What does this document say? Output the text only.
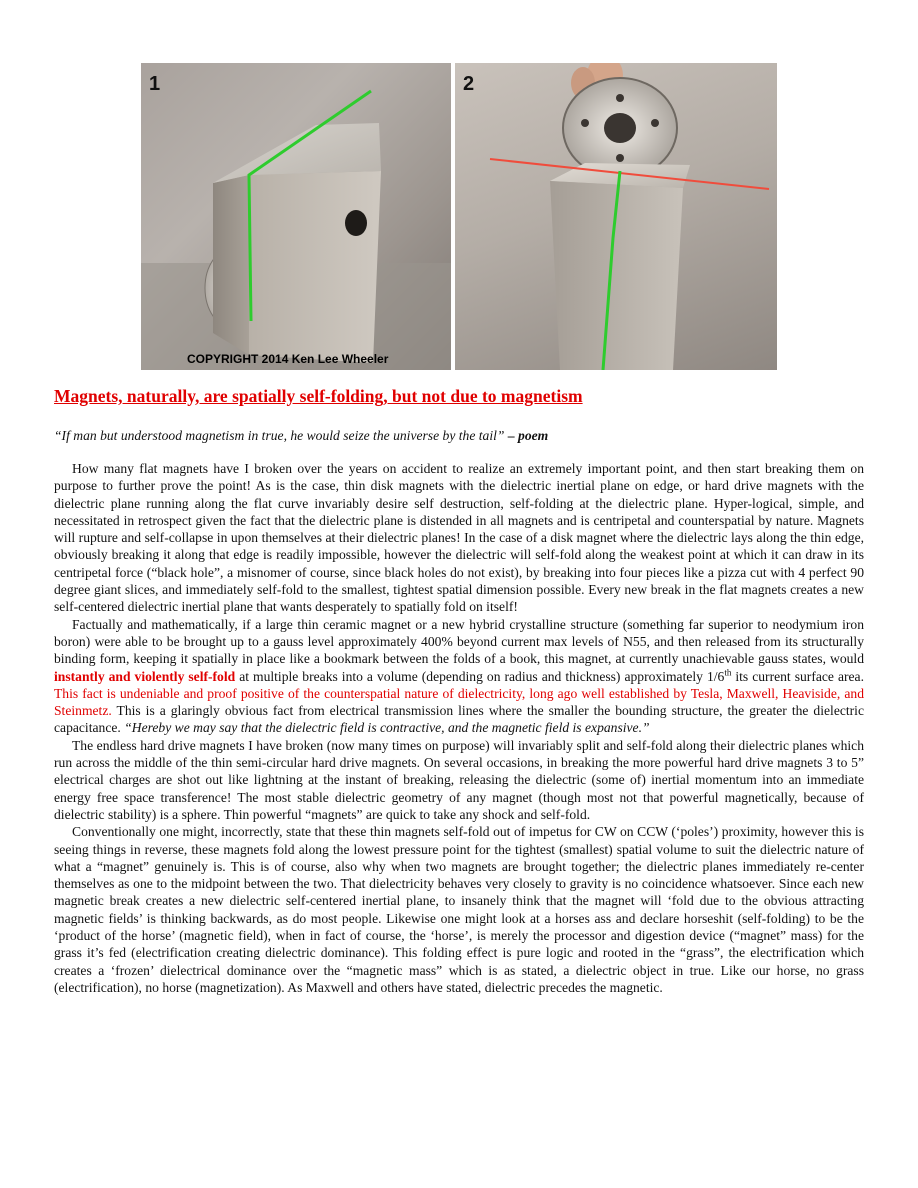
1
COPYRIGHT 2014 Ken Lee Wheeler
2
Magnets, naturally, are spatially self-folding, but not due to magnetism
“If man but understood magnetism in true, he would seize the universe by the tail” – poem

How many flat magnets have I broken over the years on accident to realize an extremely important point, and then start breaking them on purpose to further prove the point! As is the case, thin disk magnets with the dielectric inertial plane on edge, or hard drive magnets with the dielectric plane running along the flat curve invariably desire self destruction, self-folding at the dielectric plane. Hyper-logical, simple, and necessitated in retrospect given the fact that the dielectric plane is distended in all magnets and is centripetal and counterspatial by nature. Magnets will rupture and self-collapse in upon themselves at their dielectric planes! In the case of a disk magnet where the dielectric lays along the thin edge, obviously breaking it along that edge is readily impossible, however the dielectric will self-fold along the weakest point at which it can draw in its centripetal force (“black hole”, a misnomer of course, since black holes do not exist), by breaking into four pieces like a pizza cut with 4 perfect 90 degree giant slices, and immediately self-fold to the smallest, tightest spatial dimension possible. Every new break in the flat magnets creates a new self-centered dielectric inertial plane that wants desperately to spatially fold on itself!

Factually and mathematically, if a large thin ceramic magnet or a new hybrid crystalline structure (something far superior to neodymium iron boron) were able to be brought up to a gauss level approximately 400% beyond current max levels of N55, and then released from its structurally binding form, keeping it spatially in place like a bookmark between the folds of a book, this magnet, at currently unachievable gauss states, would instantly and violently self-fold at multiple breaks into a volume (depending on radius and thickness) approximately 1/6th its current surface area. This fact is undeniable and proof positive of the counterspatial nature of dielectricity, long ago well established by Tesla, Maxwell, Heaviside, and Steinmetz. This is a glaringly obvious fact from electrical transmission lines where the smaller the bounding structure, the greater the dielectric capacitance. “Hereby we may say that the dielectric field is contractive, and the magnetic field is expansive.”

The endless hard drive magnets I have broken (now many times on purpose) will invariably split and self-fold along their dielectric planes which run across the middle of the thin semi-circular hard drive magnets. On several occasions, in breaking the more powerful hard drive magnets 3 to 5” electrical charges are shot out like lightning at the instant of breaking, releasing the dielectric (some of) inertial momentum into an immediate energy free space transference! The most stable dielectric geometry of any magnet (though most not that powerful magnetically, because of dielectric stability) is a sphere. Thin powerful “magnets” are quick to take any shock and self-fold.

Conventionally one might, incorrectly, state that these thin magnets self-fold out of impetus for CW on CCW (‘poles’) proximity, however this is seeing things in reverse, these magnets fold along the lowest pressure point for the tightest (smallest) spatial volume to suit the dielectric nature of what a “magnet” genuinely is. This is of course, also why when two magnets are brought together; the dielectric planes immediately re-center themselves as one to the midpoint between the two. That dielectricity behaves very closely to gravity is no coincidence whatsoever. Since each new magnetic break creates a new dielectric self-centered inertial plane, to insanely think that the magnet will ‘fold due to the obvious attracting magnetic fields’ is thinking backwards, as do most people. Likewise one might look at a horses ass and declare horseshit (self-folding) to be the ‘product of the horse’ (magnetic field), when in fact of course, the ‘horse’, is merely the processor and digestion device (“magnet” mass) for the grass it’s fed (electrification creating dielectric dominance). This folding effect is pure logic and rooted in the “grass”, the electrification which creates a ‘frozen’ dielectrical dominance over the “magnetic mass” which is as stated, a dielectric object in true. Like our horse, no grass (electrification), no horse (magnetization). As Maxwell and others have stated, dielectric precedes the magnetic.
